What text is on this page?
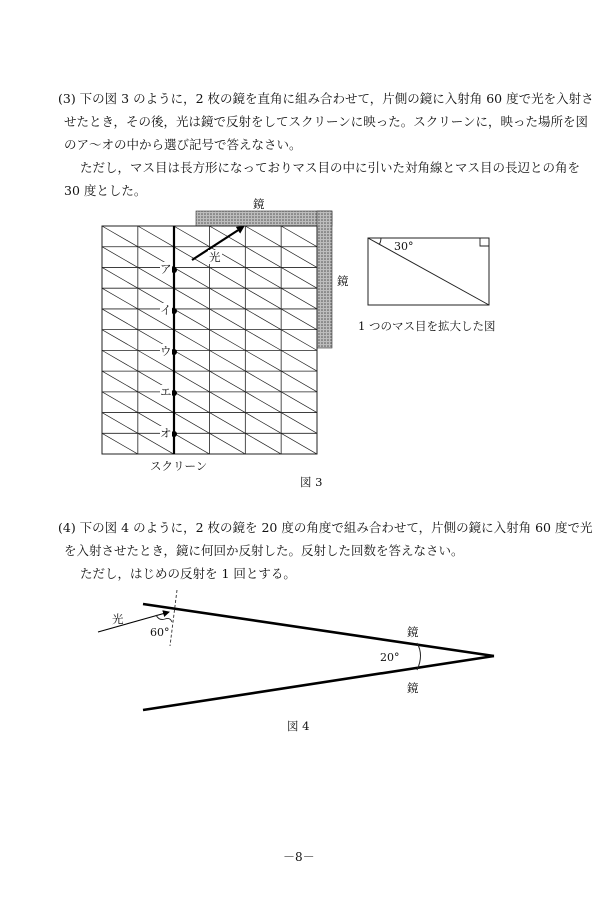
(3) 下の図 3 のように，2 枚の鏡を直角に組み合わせて，片側の鏡に入射角 60 度で光を入射さ
せたとき，その後，光は鏡で反射をしてスクリーンに映った。スクリーンに，映った場所を図
のア～オの中から選び記号で答えなさい。
ただし，マス目は長方形になっておりマス目の中に引いた対角線とマス目の長辺との角を
30 度とした。
鏡
鏡
光
ア
イ
ウ
エ
オ
スクリーン
30°
1 つのマス目を拡大した図
図 3
(4) 下の図 4 のように，2 枚の鏡を 20 度の角度で組み合わせて，片側の鏡に入射角 60 度で光
を入射させたとき，鏡に何回か反射した。反射した回数を答えなさい。
ただし，はじめの反射を 1 回とする。
光
60°	鏡
20°
鏡
図 4
－8－
